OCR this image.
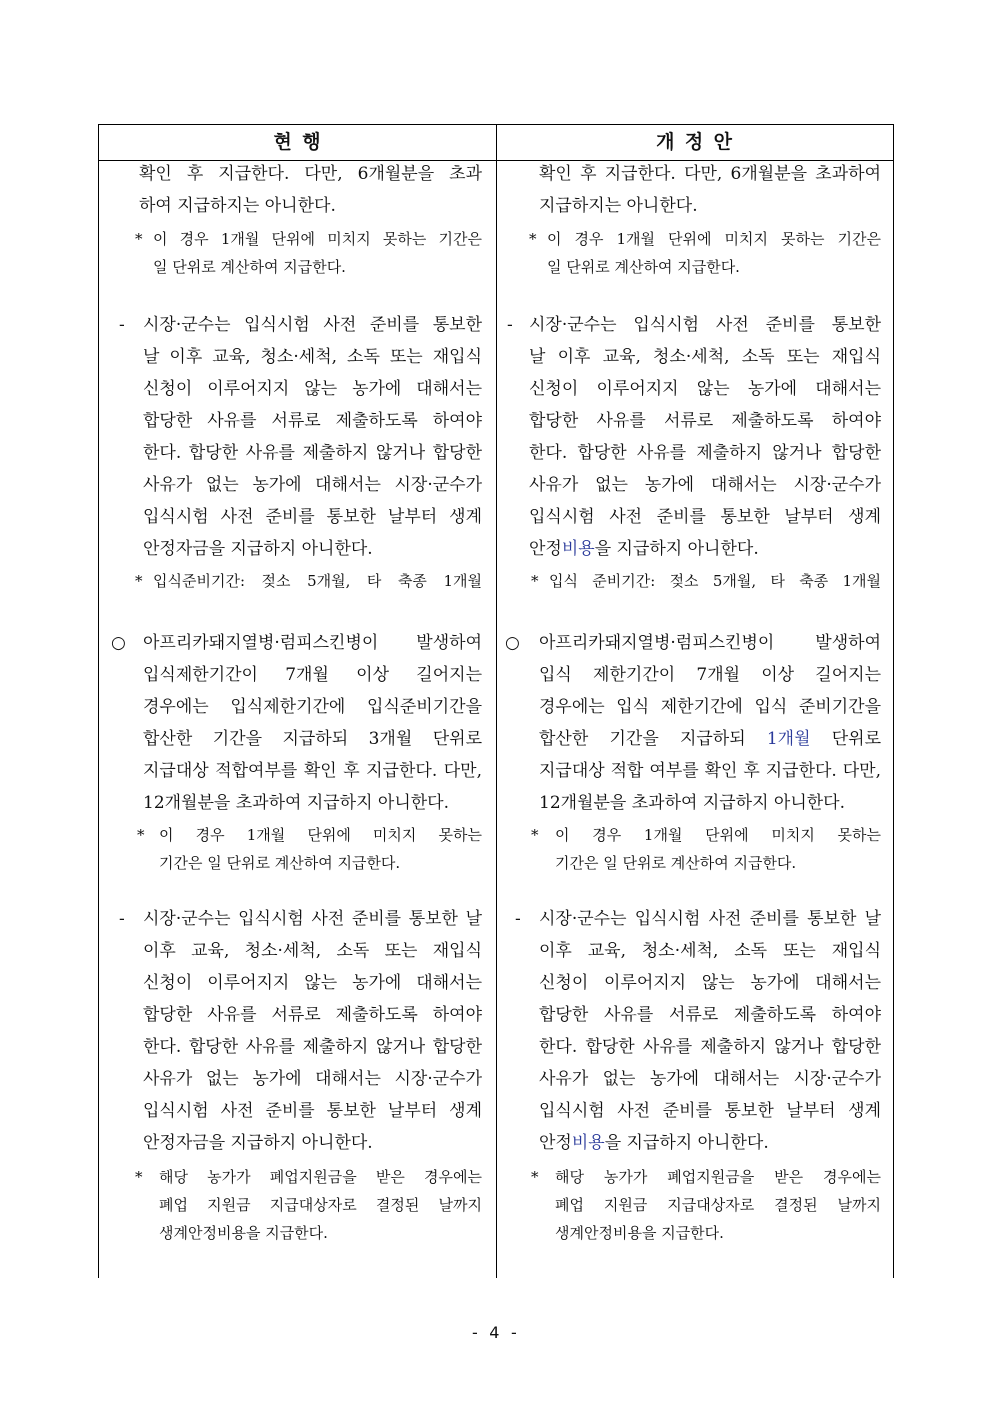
현 행	개 정 안
확인 후 지급한다. 다만, 6개월분을 초과
하여 지급하지는 아니한다.
* 이 경우 1개월 단위에 미치지 못하는 기간은
일 단위로 계산하여 지급한다.
- 시장·군수는 입식시험 사전 준비를 통보한
날 이후 교육, 청소·세척, 소독 또는 재입식
신청이 이루어지지 않는 농가에 대해서는
합당한 사유를 서류로 제출하도록 하여야
한다. 합당한 사유를 제출하지 않거나 합당한
사유가 없는 농가에 대해서는 시장·군수가
입식시험 사전 준비를 통보한 날부터 생계
안정자금을 지급하지 아니한다.
* 입식준비기간: 젖소 5개월, 타 축종 1개월
○ 아프리카돼지열병·럼피스킨병이 발생하여
입식제한기간이 7개월 이상 길어지는
경우에는 입식제한기간에 입식준비기간을
합산한 기간을 지급하되 3개월 단위로
지급대상 적합여부를 확인 후 지급한다. 다만,
12개월분을 초과하여 지급하지 아니한다.
* 이 경우 1개월 단위에 미치지 못하는
기간은 일 단위로 계산하여 지급한다.
- 시장·군수는 입식시험 사전 준비를 통보한 날
이후 교육, 청소·세척, 소독 또는 재입식
신청이 이루어지지 않는 농가에 대해서는
합당한 사유를 서류로 제출하도록 하여야
한다. 합당한 사유를 제출하지 않거나 합당한
사유가 없는 농가에 대해서는 시장·군수가
입식시험 사전 준비를 통보한 날부터 생계
안정자금을 지급하지 아니한다.
* 해당 농가가 폐업지원금을 받은 경우에는
폐업 지원금 지급대상자로 결정된 날까지
생계안정비용을 지급한다.
확인 후 지급한다. 다만, 6개월분을 초과하여
지급하지는 아니한다.
* 이 경우 1개월 단위에 미치지 못하는 기간은
일 단위로 계산하여 지급한다.
- 시장·군수는 입식시험 사전 준비를 통보한
날 이후 교육, 청소·세척, 소독 또는 재입식
신청이 이루어지지 않는 농가에 대해서는
합당한 사유를 서류로 제출하도록 하여야
한다. 합당한 사유를 제출하지 않거나 합당한
사유가 없는 농가에 대해서는 시장·군수가
입식시험 사전 준비를 통보한 날부터 생계
안정비용을 지급하지 아니한다.
* 입식 준비기간: 젖소 5개월, 타 축종 1개월
○ 아프리카돼지열병·럼피스킨병이 발생하여
입식 제한기간이 7개월 이상 길어지는
경우에는 입식 제한기간에 입식 준비기간을
합산한 기간을 지급하되 1개월 단위로
지급대상 적합 여부를 확인 후 지급한다. 다만,
12개월분을 초과하여 지급하지 아니한다.
* 이 경우 1개월 단위에 미치지 못하는
기간은 일 단위로 계산하여 지급한다.
- 시장·군수는 입식시험 사전 준비를 통보한 날
이후 교육, 청소·세척, 소독 또는 재입식
신청이 이루어지지 않는 농가에 대해서는
합당한 사유를 서류로 제출하도록 하여야
한다. 합당한 사유를 제출하지 않거나 합당한
사유가 없는 농가에 대해서는 시장·군수가
입식시험 사전 준비를 통보한 날부터 생계
안정비용을 지급하지 아니한다.
* 해당 농가가 폐업지원금을 받은 경우에는
폐업 지원금 지급대상자로 결정된 날까지
생계안정비용을 지급한다.
- 4 -
